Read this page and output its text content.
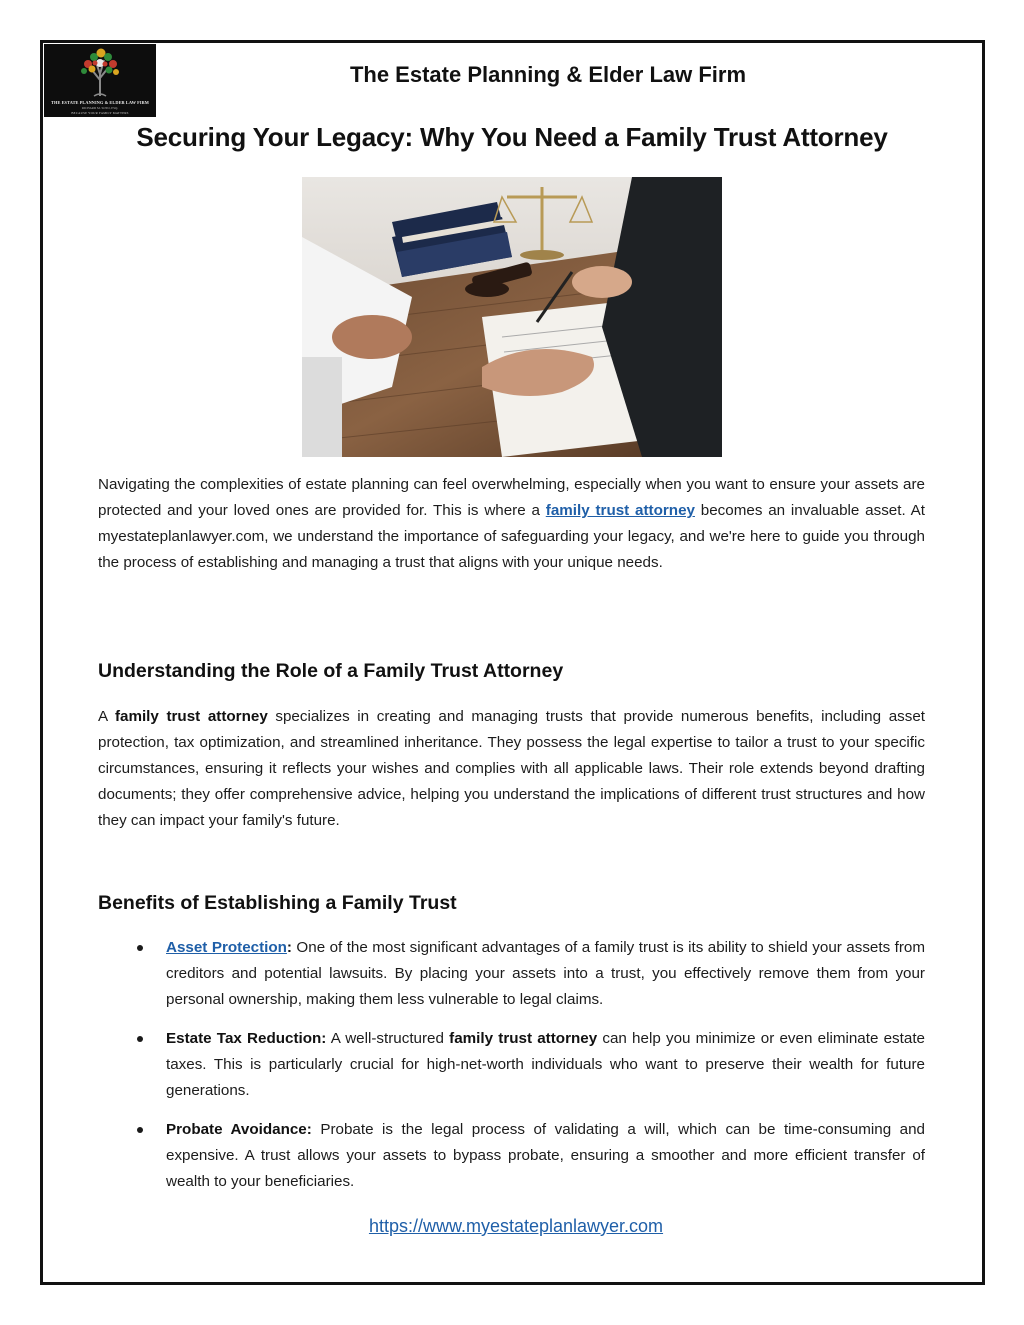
THE ESTATE PLANNING & ELDER LAW FIRM
RICHARD M. SOTO, ESQ.
BECAUSE YOUR FAMILY MATTERS
The Estate Planning & Elder Law Firm
Securing Your Legacy: Why You Need a Family Trust Attorney
Navigating the complexities of estate planning can feel overwhelming, especially when you want to ensure your assets are protected and your loved ones are provided for. This is where a family trust attorney becomes an invaluable asset. At myestateplanlawyer.com, we understand the importance of safeguarding your legacy, and we're here to guide you through the process of establishing and managing a trust that aligns with your unique needs.
Understanding the Role of a Family Trust Attorney
A family trust attorney specializes in creating and managing trusts that provide numerous benefits, including asset protection, tax optimization, and streamlined inheritance. They possess the legal expertise to tailor a trust to your specific circumstances, ensuring it reflects your wishes and complies with all applicable laws. Their role extends beyond drafting documents; they offer comprehensive advice, helping you understand the implications of different trust structures and how they can impact your family's future.
Benefits of Establishing a Family Trust
Asset Protection: One of the most significant advantages of a family trust is its ability to shield your assets from creditors and potential lawsuits. By placing your assets into a trust, you effectively remove them from your personal ownership, making them less vulnerable to legal claims.
Estate Tax Reduction: A well-structured family trust attorney can help you minimize or even eliminate estate taxes. This is particularly crucial for high-net-worth individuals who want to preserve their wealth for future generations.
Probate Avoidance: Probate is the legal process of validating a will, which can be time-consuming and expensive. A trust allows your assets to bypass probate, ensuring a smoother and more efficient transfer of wealth to your beneficiaries.
https://www.myestateplanlawyer.com
